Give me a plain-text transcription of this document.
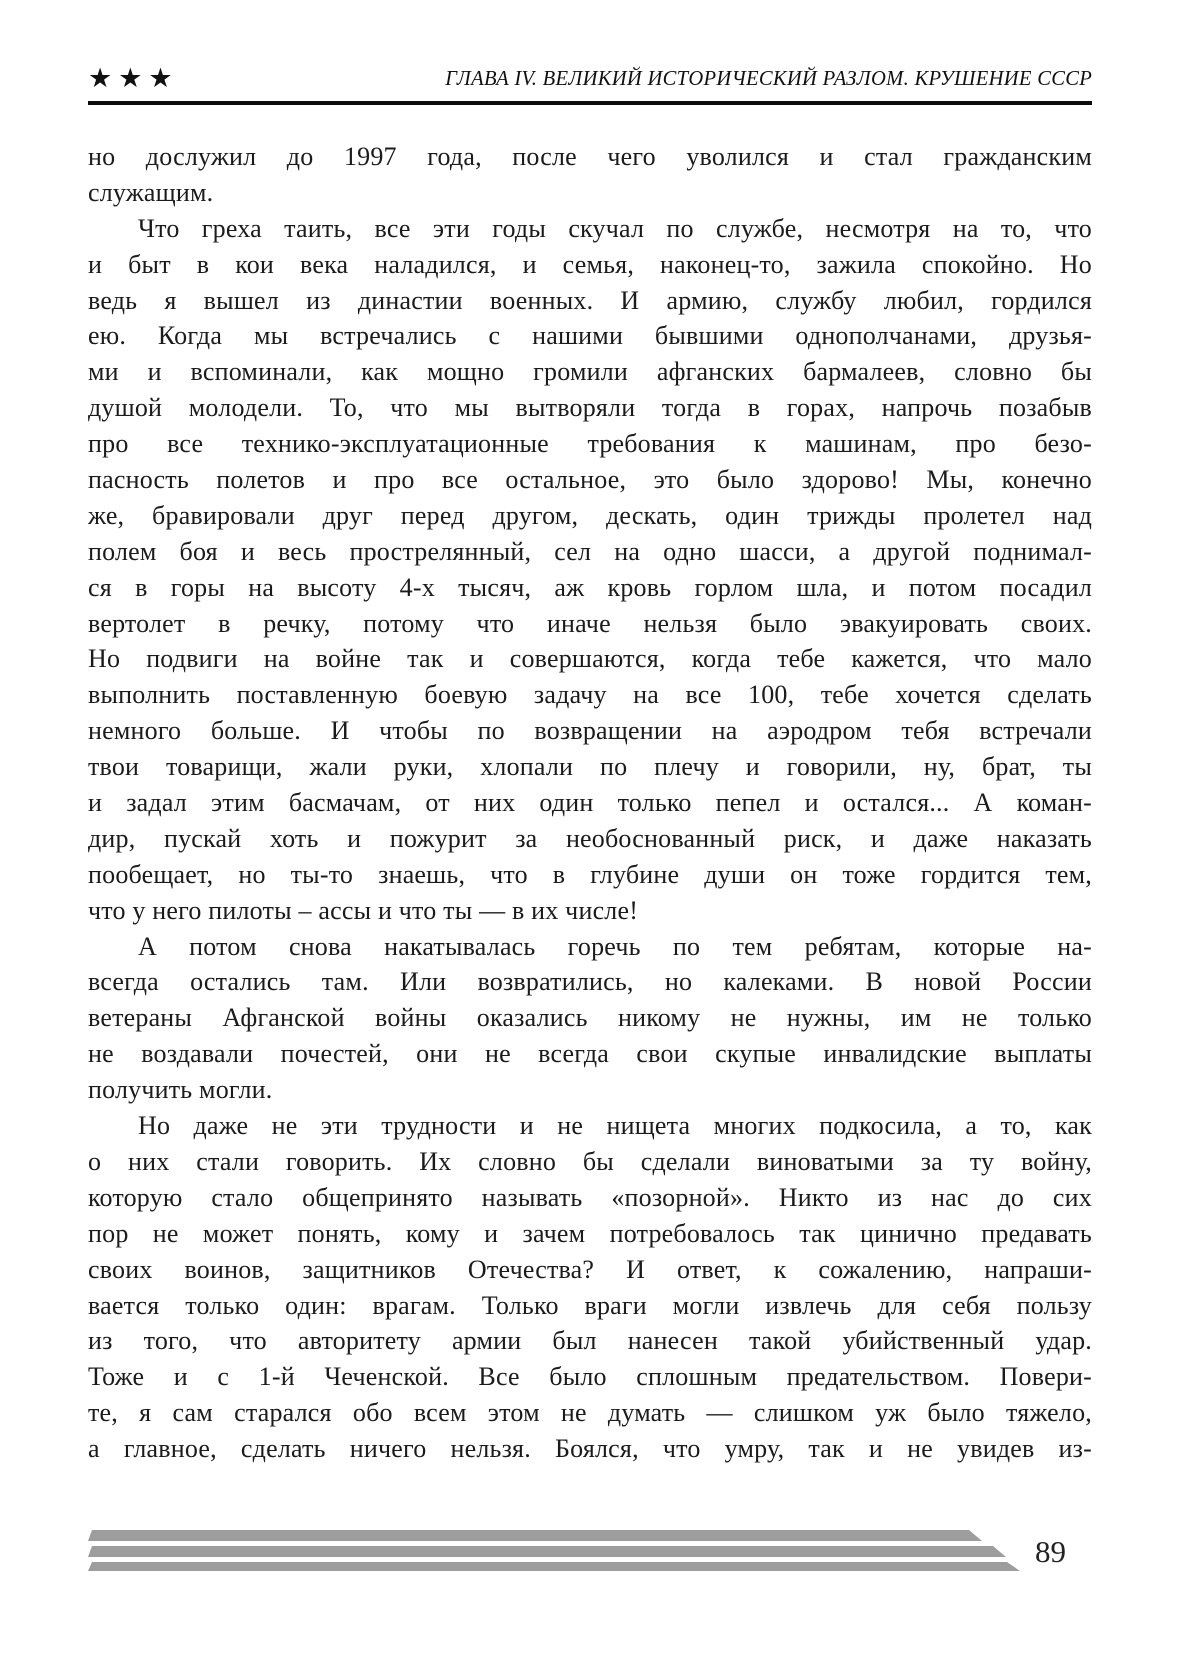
★★★	ГЛАВА IV. ВЕЛИКИЙ ИСТОРИЧЕСКИЙ РАЗЛОМ. КРУШЕНИЕ СССР
но дослужил до 1997 года, после чего уволился и стал гражданским
служащим.
Что греха таить, все эти годы скучал по службе, несмотря на то, что
и быт в кои века наладился, и семья, наконец-то, зажила спокойно. Но
ведь я вышел из династии военных. И армию, службу любил, гордился
ею. Когда мы встречались с нашими бывшими однополчанами, друзья-
ми и вспоминали, как мощно громили афганских бармалеев, словно бы
душой молодели. То, что мы вытворяли тогда в горах, напрочь позабыв
про все технико-эксплуатационные требования к машинам, про безо-
пасность полетов и про все остальное, это было здорово! Мы, конечно
же, бравировали друг перед другом, дескать, один трижды пролетел над
полем боя и весь прострелянный, сел на одно шасси, а другой поднимал-
ся в горы на высоту 4-х тысяч, аж кровь горлом шла, и потом посадил
вертолет в речку, потому что иначе нельзя было эвакуировать своих.
Но подвиги на войне так и совершаются, когда тебе кажется, что мало
выполнить поставленную боевую задачу на все 100, тебе хочется сделать
немного больше. И чтобы по возвращении на аэродром тебя встречали
твои товарищи, жали руки, хлопали по плечу и говорили, ну, брат, ты
и задал этим басмачам, от них один только пепел и остался... А коман-
дир, пускай хоть и пожурит за необоснованный риск, и даже наказать
пообещает, но ты-то знаешь, что в глубине души он тоже гордится тем,
что у него пилоты – ассы и что ты — в их числе!
А потом снова накатывалась горечь по тем ребятам, которые на-
всегда остались там. Или возвратились, но калеками. В новой России
ветераны Афганской войны оказались никому не нужны, им не только
не воздавали почестей, они не всегда свои скупые инвалидские выплаты
получить могли.
Но даже не эти трудности и не нищета многих подкосила, а то, как
о них стали говорить. Их словно бы сделали виноватыми за ту войну,
которую стало общепринято называть «позорной». Никто из нас до сих
пор не может понять, кому и зачем потребовалось так цинично предавать
своих воинов, защитников Отечества? И ответ, к сожалению, напраши-
вается только один: врагам. Только враги могли извлечь для себя пользу
из того, что авторитету армии был нанесен такой убийственный удар.
Тоже и с 1-й Чеченской. Все было сплошным предательством. Повери-
те, я сам старался обо всем этом не думать — слишком уж было тяжело,
а главное, сделать ничего нельзя. Боялся, что умру, так и не увидев из-
89
